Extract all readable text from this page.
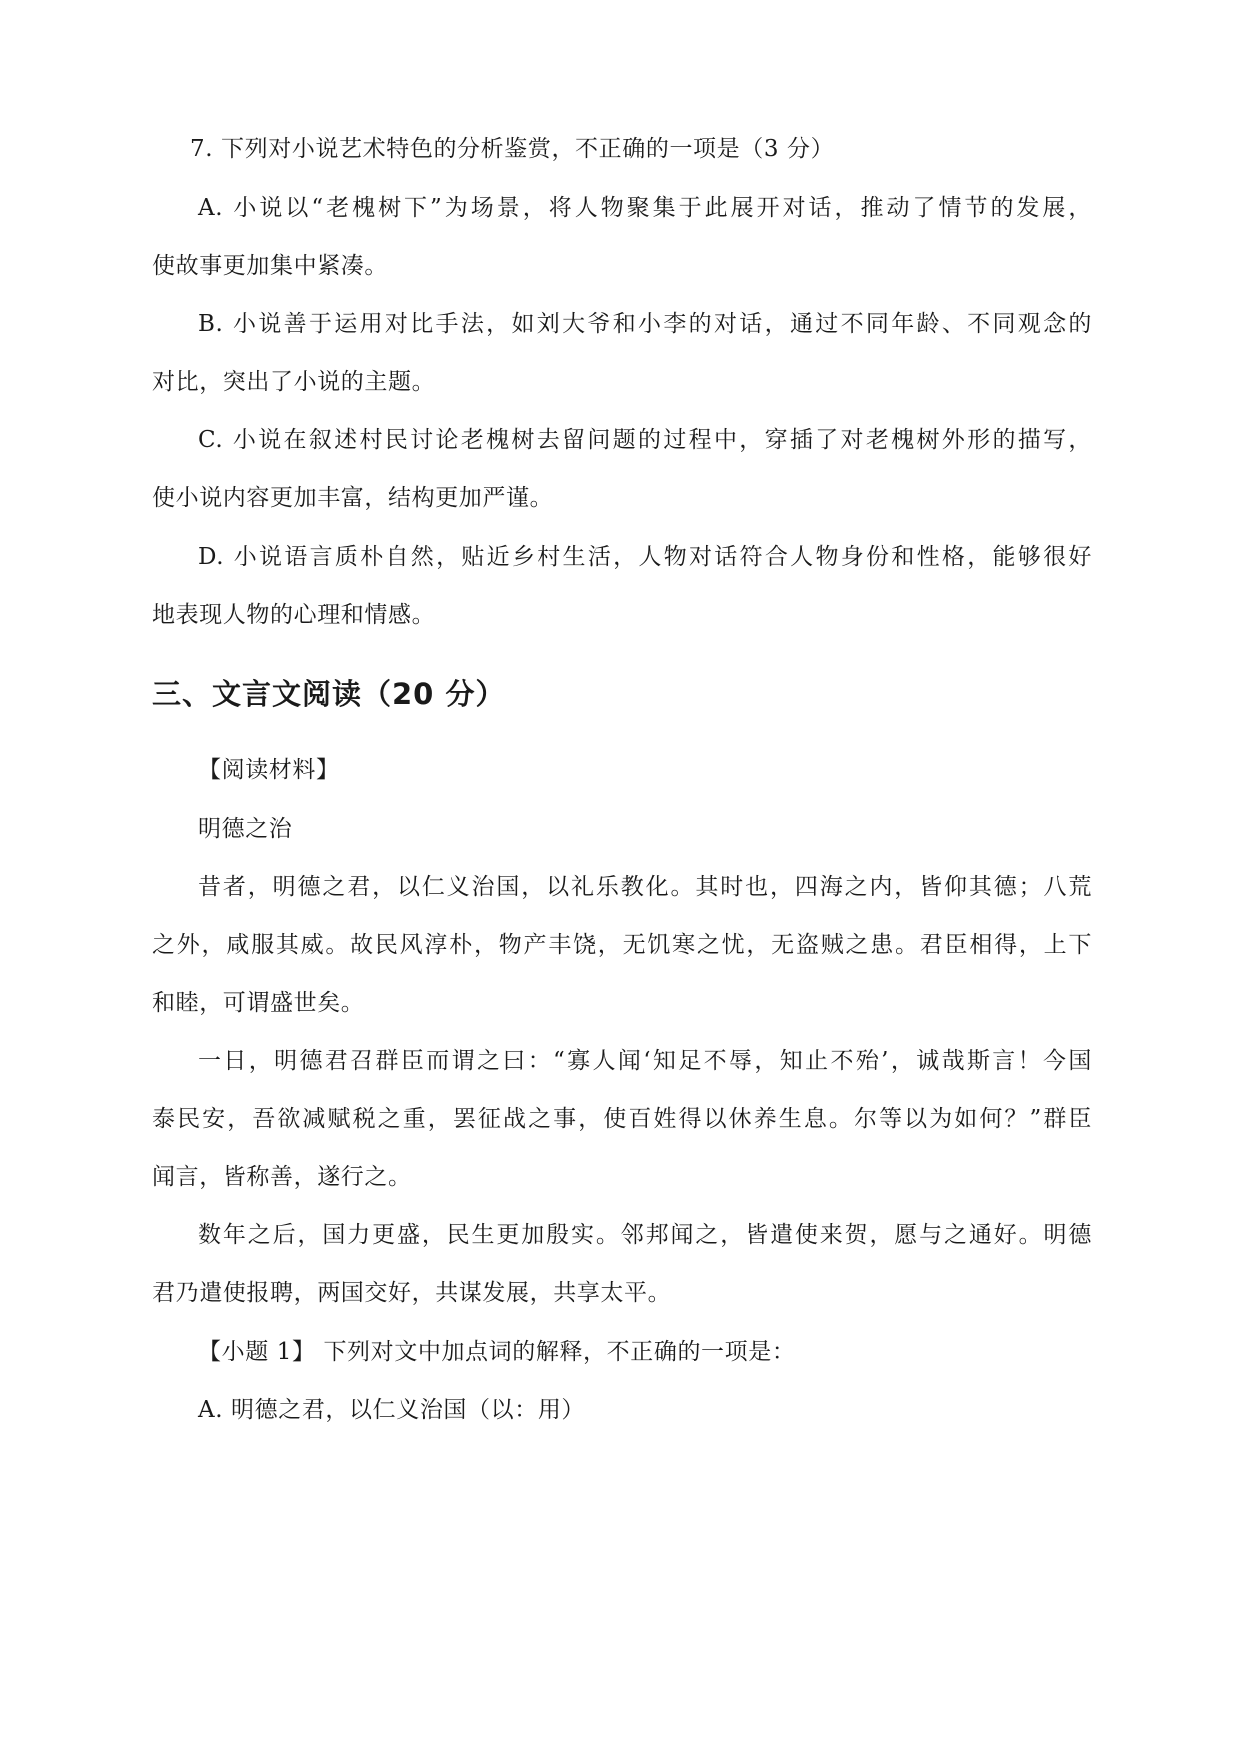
7. 下列对小说艺术特色的分析鉴赏，不正确的一项是（3 分）
A. 小说以“老槐树下”为场景，将人物聚集于此展开对话，推动了情节的发展，
使故事更加集中紧凑。
B. 小说善于运用对比手法，如刘大爷和小李的对话，通过不同年龄、不同观念的
对比，突出了小说的主题。
C. 小说在叙述村民讨论老槐树去留问题的过程中，穿插了对老槐树外形的描写，
使小说内容更加丰富，结构更加严谨。
D. 小说语言质朴自然，贴近乡村生活，人物对话符合人物身份和性格，能够很好
地表现人物的心理和情感。
三、文言文阅读（20 分）
【阅读材料】
明德之治
昔者，明德之君，以仁义治国，以礼乐教化。其时也，四海之内，皆仰其德；八荒
之外，咸服其威。故民风淳朴，物产丰饶，无饥寒之忧，无盗贼之患。君臣相得，上下
和睦，可谓盛世矣。
一日，明德君召群臣而谓之曰：“寡人闻‘知足不辱，知止不殆’，诚哉斯言！今国
泰民安，吾欲减赋税之重，罢征战之事，使百姓得以休养生息。尔等以为如何？”群臣
闻言，皆称善，遂行之。
数年之后，国力更盛，民生更加殷实。邻邦闻之，皆遣使来贺，愿与之通好。明德
君乃遣使报聘，两国交好，共谋发展，共享太平。
【小题 1】 下列对文中加点词的解释，不正确的一项是：
A. 明德之君，以仁义治国（以：用）
